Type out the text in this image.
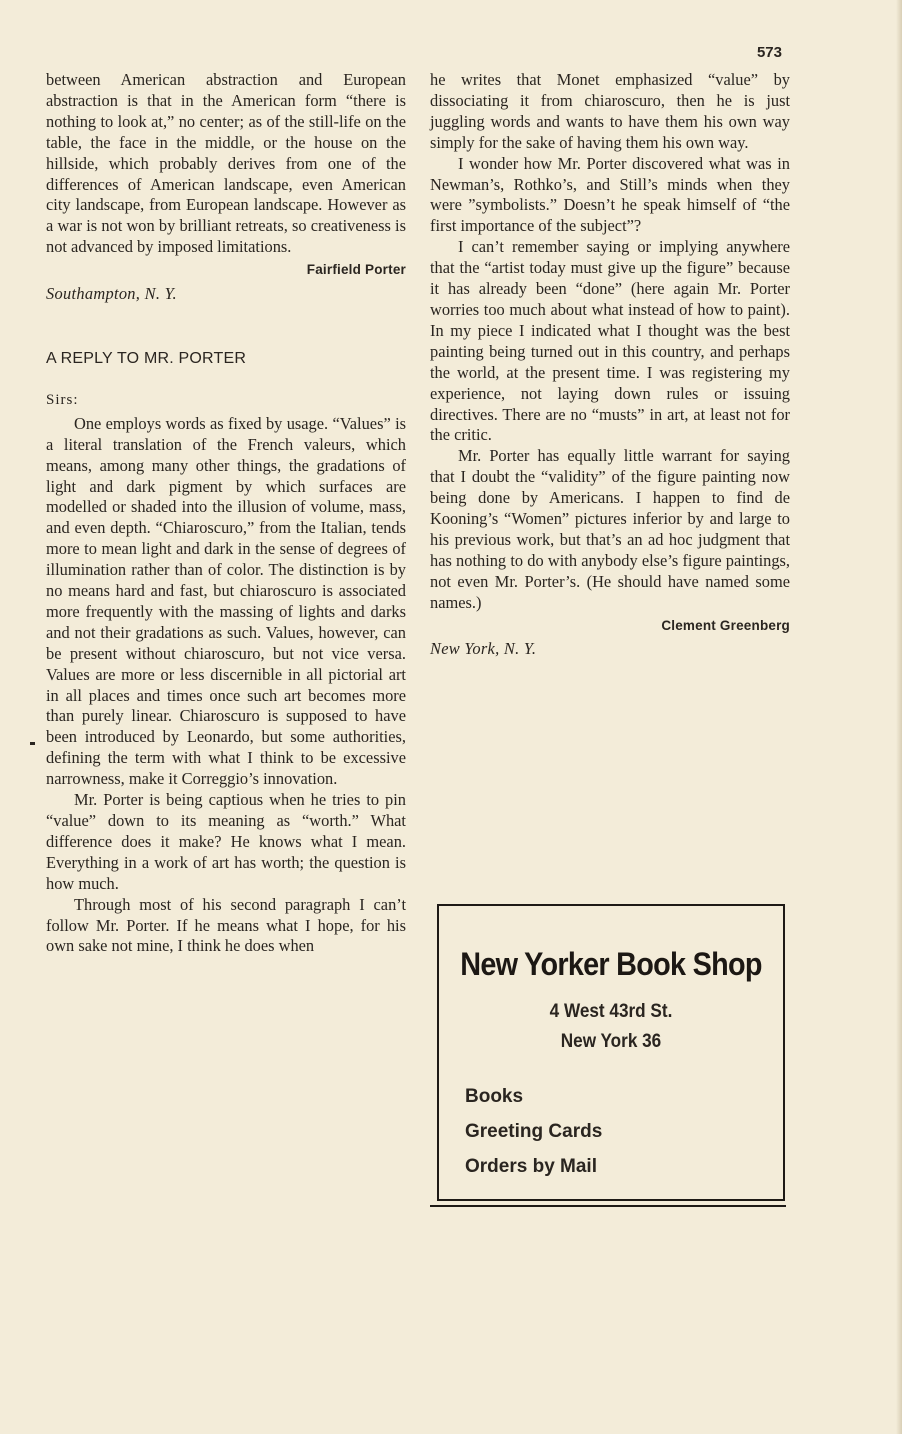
573

between American abstraction and European abstraction is that in the American form “there is nothing to look at,” no center; as of the still-life on the table, the face in the middle, or the house on the hillside, which probably derives from one of the differences of American landscape, even American city landscape, from European landscape. However as a war is not won by brilliant retreats, so creativeness is not advanced by imposed limitations.

Fairfield Porter

Southampton, N. Y.

A REPLY TO MR. PORTER
Sirs:

One employs words as fixed by usage. “Values” is a literal translation of the French valeurs, which means, among many other things, the gradations of light and dark pigment by which surfaces are modelled or shaded into the illusion of volume, mass, and even depth. “Chiaroscuro,” from the Italian, tends more to mean light and dark in the sense of degrees of illumination rather than of color. The distinction is by no means hard and fast, but chiaroscuro is associated more frequently with the massing of lights and darks and not their gradations as such. Values, however, can be present without chiaroscuro, but not vice versa. Values are more or less discernible in all pictorial art in all places and times once such art becomes more than purely linear. Chiaroscuro is supposed to have been introduced by Leonardo, but some authorities, defining the term with what I think to be excessive narrowness, make it Correggio’s innovation.

Mr. Porter is being captious when he tries to pin “value” down to its meaning as “worth.” What difference does it make? He knows what I mean. Everything in a work of art has worth; the question is how much.

Through most of his second paragraph I can’t follow Mr. Porter. If he means what I hope, for his own sake not mine, I think he does when

he writes that Monet emphasized “value” by dissociating it from chiaroscuro, then he is just juggling words and wants to have them his own way simply for the sake of having them his own way.

I wonder how Mr. Porter discovered what was in Newman’s, Rothko’s, and Still’s minds when they were ”symbolists.” Doesn’t he speak himself of “the first importance of the subject”?

I can’t remember saying or implying anywhere that the “artist today must give up the figure” because it has already been “done” (here again Mr. Porter worries too much about what instead of how to paint). In my piece I indicated what I thought was the best painting being turned out in this country, and perhaps the world, at the present time. I was registering my experience, not laying down rules or issuing directives. There are no “musts” in art, at least not for the critic.

Mr. Porter has equally little warrant for saying that I doubt the “validity” of the figure painting now being done by Americans. I happen to find de Kooning’s “Women” pictures inferior by and large to his previous work, but that’s an ad hoc judgment that has nothing to do with anybody else’s figure paintings, not even Mr. Porter’s. (He should have named some names.)

Clement Greenberg

New York, N. Y.

New Yorker Book Shop
4 West 43rd St.
New York 36
Books
Greeting Cards
Orders by Mail
